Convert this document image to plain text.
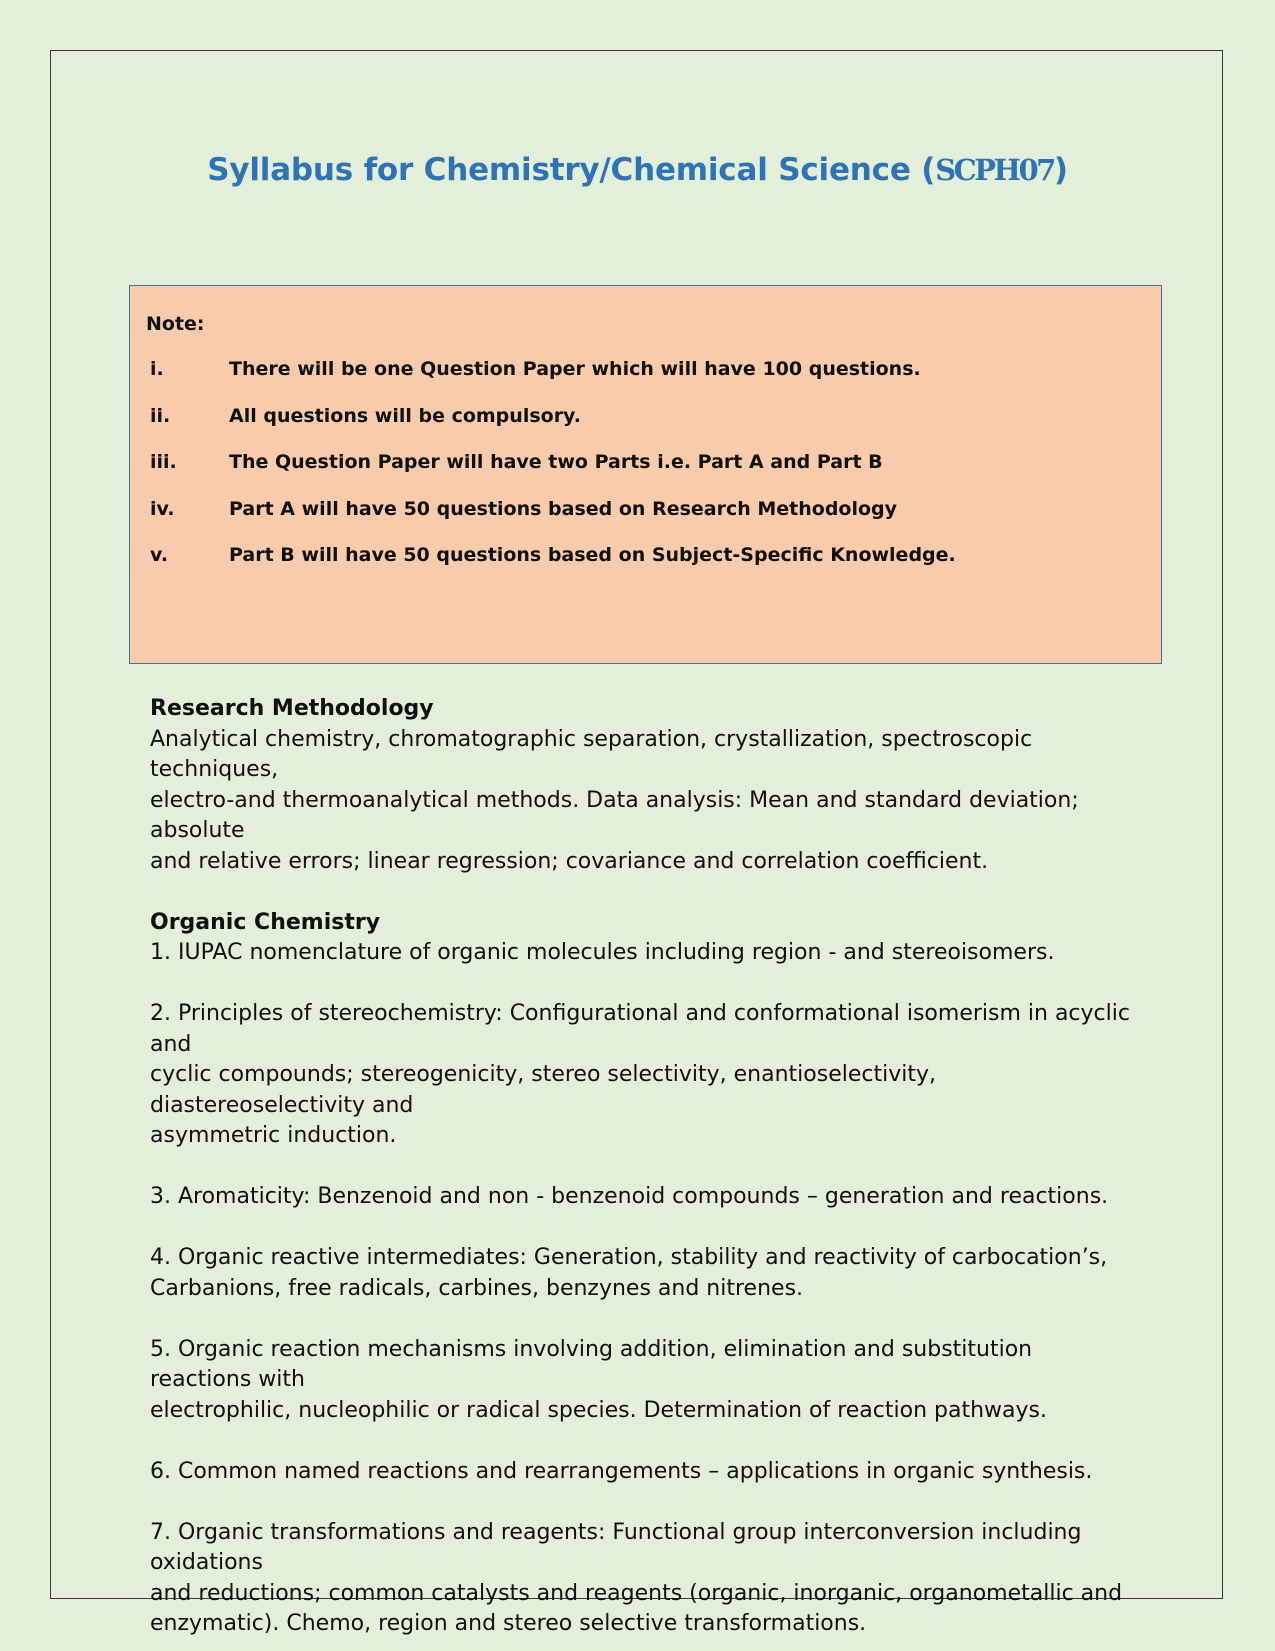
Syllabus for Chemistry/Chemical Science (SCPH07)
Note:
i.	There will be one Question Paper which will have 100 questions.
ii.	All questions will be compulsory.
iii.	The Question Paper will have two Parts i.e. Part A and Part B
iv.	Part A will have 50 questions based on Research Methodology
v.	Part B will have 50 questions based on Subject-Specific Knowledge.

Research Methodology

Analytical chemistry, chromatographic separation, crystallization, spectroscopic techniques,
electro-and thermoanalytical methods. Data analysis: Mean and standard deviation; absolute
and relative errors; linear regression; covariance and correlation coefficient.

Organic Chemistry

1. IUPAC nomenclature of organic molecules including region - and stereoisomers.

2. Principles of stereochemistry: Configurational and conformational isomerism in acyclic and
cyclic compounds; stereogenicity, stereo selectivity, enantioselectivity, diastereoselectivity and
asymmetric induction.

3. Aromaticity: Benzenoid and non - benzenoid compounds – generation and reactions.

4. Organic reactive intermediates: Generation, stability and reactivity of carbocation’s,
Carbanions, free radicals, carbines, benzynes and nitrenes.

5. Organic reaction mechanisms involving addition, elimination and substitution reactions with
electrophilic, nucleophilic or radical species. Determination of reaction pathways.

6. Common named reactions and rearrangements – applications in organic synthesis.

7. Organic transformations and reagents: Functional group interconversion including oxidations
and reductions; common catalysts and reagents (organic, inorganic, organometallic and
enzymatic). Chemo, region and stereo selective transformations.
